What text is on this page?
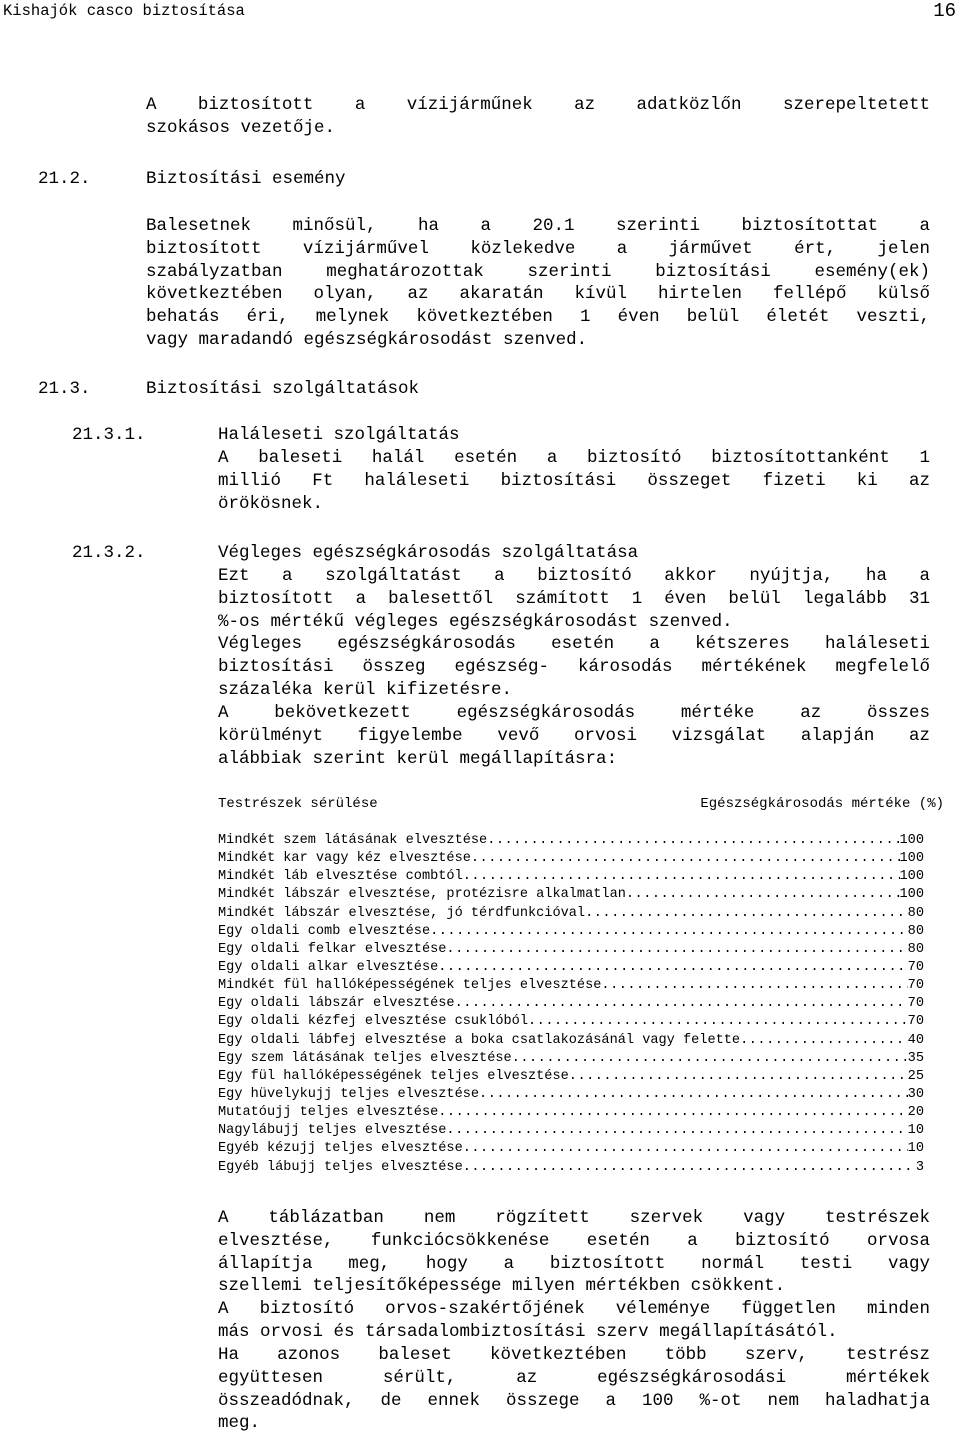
Kishajók casco biztosítása	16
A biztosított a vízijárműnek az adatközlőn szerepeltetett
szokásos vezetője.
21.2.	Biztosítási esemény
Balesetnek minősül, ha a 20.1 szerinti biztosítottat a
biztosított vízijárművel közlekedve a járművet ért, jelen
szabályzatban meghatározottak szerinti biztosítási esemény(ek)
következtében olyan, az akaratán kívül hirtelen fellépő külső
behatás éri, melynek következtében 1 éven belül életét veszti,
vagy maradandó egészségkárosodást szenved.
21.3.	Biztosítási szolgáltatások
21.3.1.	Haláleseti szolgáltatás
A baleseti halál esetén a biztosító biztosítottanként 1
millió Ft haláleseti biztosítási összeget fizeti ki az
örökösnek.
21.3.2.	Végleges egészségkárosodás szolgáltatása
Ezt a szolgáltatást a biztosító akkor nyújtja, ha a
biztosított a balesettől számított 1 éven belül legalább 31
%-os mértékű végleges egészségkárosodást szenved.
Végleges egészségkárosodás esetén a kétszeres haláleseti
biztosítási összeg egészség- károsodás mértékének megfelelő
százaléka kerül kifizetésre.
A bekövetkezett egészségkárosodás mértéke az összes
körülményt figyelembe vevő orvosi vizsgálat alapján az
alábbiak szerint kerül megállapításra:
Testrészek sérülése	Egészségkárosodás mértéke (%)
Mindkét szem látásának elvesztése .....	100
Mindkét kar vagy kéz elvesztése .....	100
Mindkét láb elvesztése combtól .....	100
Mindkét lábszár elvesztése, protézisre alkalmatlan .....	100
Mindkét lábszár elvesztése, jó térdfunkcióval .....	80
Egy oldali comb elvesztése .....	80
Egy oldali felkar elvesztése .....	80
Egy oldali alkar elvesztése .....	70
Mindkét fül hallóképességének teljes elvesztése .....	70
Egy oldali lábszár elvesztése .....	70
Egy oldali kézfej elvesztése csuklóból .....	70
Egy oldali lábfej elvesztése a boka csatlakozásánál vagy felette .....	40
Egy szem látásának teljes elvesztése .....	35
Egy fül hallóképességének teljes elvesztése .....	25
Egy hüvelykujj teljes elvesztése .....	30
Mutatóujj teljes elvesztése .....	20
Nagylábujj teljes elvesztése .....	10
Egyéb kézujj teljes elvesztése .....	10
Egyéb lábujj teljes elvesztése .....	3
A táblázatban nem rögzített szervek vagy testrészek
elvesztése, funkciócsökkenése esetén a biztosító orvosa
állapítja meg, hogy a biztosított normál testi vagy
szellemi teljesítőképessége milyen mértékben csökkent.
A biztosító orvos-szakértőjének véleménye független minden
más orvosi és társadalombiztosítási szerv megállapításától.
Ha azonos baleset következtében több szerv, testrész
együttesen sérült, az egészségkárosodási mértékek
összeadódnak, de ennek összege a 100 %-ot nem haladhatja
meg.
